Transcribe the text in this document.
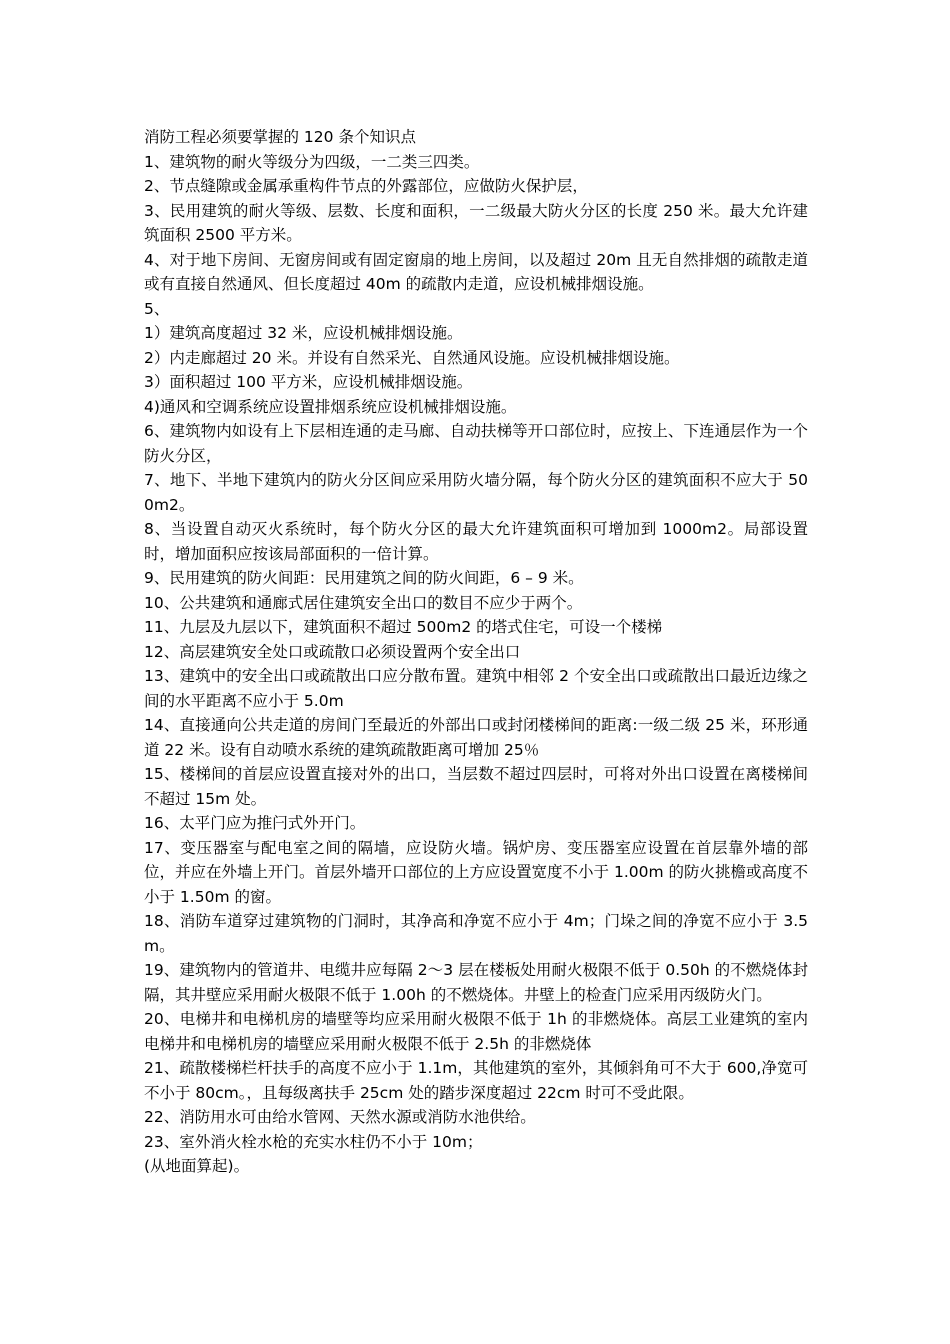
消防工程必须要掌握的 120 条个知识点

1、建筑物的耐火等级分为四级，一二类三四类。

2、节点缝隙或金属承重构件节点的外露部位，应做防火保护层，

3、民用建筑的耐火等级、层数、长度和面积，一二级最大防火分区的长度 250 米。最大允许建筑面积 2500 平方米。

4、对于地下房间、无窗房间或有固定窗扇的地上房间，以及超过 20m 且无自然排烟的疏散走道或有直接自然通风、但长度超过 40m 的疏散内走道，应设机械排烟设施。

5、

1）建筑高度超过 32 米，应设机械排烟设施。

2）内走廊超过 20 米。并设有自然采光、自然通风设施。应设机械排烟设施。

3）面积超过 100 平方米，应设机械排烟设施。

4)通风和空调系统应设置排烟系统应设机械排烟设施。

6、建筑物内如设有上下层相连通的走马廊、自动扶梯等开口部位时，应按上、下连通层作为一个防火分区，

7、地下、半地下建筑内的防火分区间应采用防火墙分隔，每个防火分区的建筑面积不应大于 500m2。

8、当设置自动灭火系统时，每个防火分区的最大允许建筑面积可增加到 1000m2。局部设置时，增加面积应按该局部面积的一倍计算。

9、民用建筑的防火间距：民用建筑之间的防火间距，6 – 9 米。

10、公共建筑和通廊式居住建筑安全出口的数目不应少于两个。

11、九层及九层以下，建筑面积不超过 500m2 的塔式住宅，可设一个楼梯

12、高层建筑安全处口或疏散口必须设置两个安全出口

13、建筑中的安全出口或疏散出口应分散布置。建筑中相邻 2 个安全出口或疏散出口最近边缘之间的水平距离不应小于 5.0m

14、直接通向公共走道的房间门至最近的外部出口或封闭楼梯间的距离:一级二级 25 米，环形通道 22 米。设有自动喷水系统的建筑疏散距离可增加 25％

15、楼梯间的首层应设置直接对外的出口，当层数不超过四层时，可将对外出口设置在离楼梯间不超过 15m 处。

16、太平门应为推闩式外开门。

17、变压器室与配电室之间的隔墙，应设防火墙。锅炉房、变压器室应设置在首层靠外墙的部位，并应在外墙上开门。首层外墙开口部位的上方应设置宽度不小于 1.00m 的防火挑檐或高度不小于 1.50m 的窗。

18、消防车道穿过建筑物的门洞时，其净高和净宽不应小于 4m；门垛之间的净宽不应小于 3.5m。

19、建筑物内的管道井、电缆井应每隔 2～3 层在楼板处用耐火极限不低于 0.50h 的不燃烧体封隔，其井壁应采用耐火极限不低于 1.00h 的不燃烧体。井壁上的检查门应采用丙级防火门。

20、电梯井和电梯机房的墙壁等均应采用耐火极限不低于 1h 的非燃烧体。高层工业建筑的室内电梯井和电梯机房的墙壁应采用耐火极限不低于 2.5h 的非燃烧体

21、疏散楼梯栏杆扶手的高度不应小于 1.1m，其他建筑的室外，其倾斜角可不大于 600,净宽可不小于 80cm。，且每级离扶手 25cm 处的踏步深度超过 22cm 时可不受此限。

22、消防用水可由给水管网、天然水源或消防水池供给。

23、室外消火栓水枪的充实水柱仍不小于 10m；

(从地面算起)。
